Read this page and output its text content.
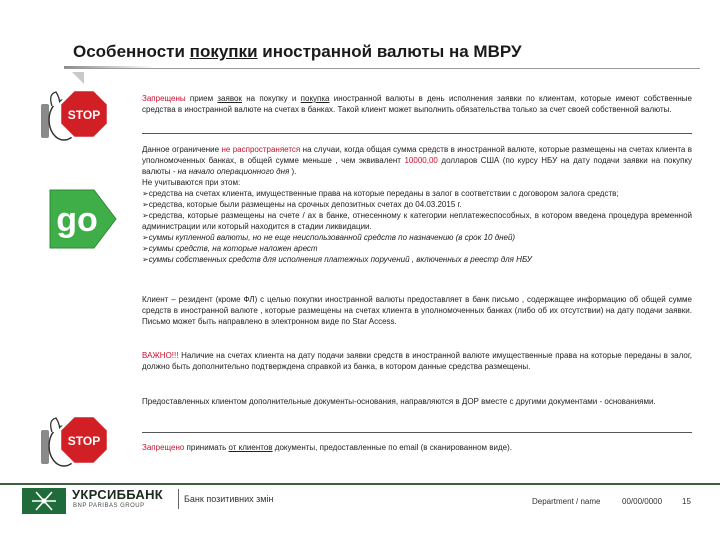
Особенности покупки иностранной валюты на МВРУ
STOP
Запрещены прием заявок на покупку и покупка иностранной валюты в день исполнения заявки по клиентам, которые имеют собственные средства в иностранной валюте на счетах в банках. Такой клиент может выполнить обязательства только за счет своей собственной валюты.
go
Данное ограничение не распространяется на случаи, когда общая сумма средств в иностранной валюте, которые размещены на счетах клиента в уполномоченных банках, в общей сумме меньше , чем эквивалент 10000,00 долларов США (по курсу НБУ на дату подачи заявки на покупку валюты - на начало операционного дня ).
Не учитываются при этом:
➢средства на счетах клиента, имущественные права на которые переданы в залог в соответствии с договором залога средств;
➢средства, которые были размещены на срочных депозитных счетах до 04.03.2015 г.
➢средства, которые размещены на счете / ах в банке, отнесенному к категории неплатежеспособных, в котором введена процедура временной администрации или который находится в стадии ликвидации.
➢суммы купленной валюты, но не еще неиспользованной средств по назначению (в срок 10 дней)
➢суммы средств, на которые наложен арест
➢суммы собственных средств для исполнения платежных поручений , включенных в реестр для НБУ
Клиент – резидент (кроме ФЛ) с целью покупки иностранной валюты предоставляет в банк письмо , содержащее информацию об общей сумме средств в иностранной валюте , которые размещены на счетах клиента в уполномоченных банках (либо об их отсутствии) на дату подачи заявки. Письмо может быть направлено в электронном виде по Star Access.
ВАЖНО!!! Наличие на счетах клиента на дату подачи заявки средств в иностранной валюте имущественные права на которые переданы в залог, должно быть дополнительно подтверждена справкой из банка, в котором данные средства размещены.
Предоставленных клиентом дополнительные документы-основания, направляются в ДОР вместе с другими документами - основаниями.
STOP	Запрещено принимать от клиентов документы, предоставленные по email (в сканированном виде).
УКРСИББАНК
BNP PARIBAS GROUP
Банк позитивних змін	Department / name	00/00/0000 15
